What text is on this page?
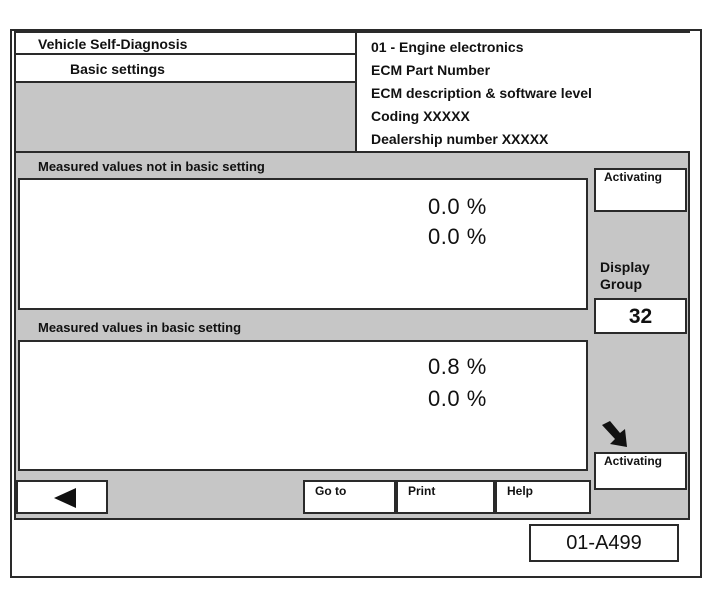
Vehicle Self-Diagnosis
Basic settings
01 - Engine electronics
ECM Part Number
ECM description & software level
Coding XXXXX
Dealership number XXXXX
Measured values not in basic setting
0.0 %
0.0 %
Measured values in basic setting
0.8 %
0.0 %
Activating
Display
Group
32
Activating
Go to	Print	Help
01-A499
